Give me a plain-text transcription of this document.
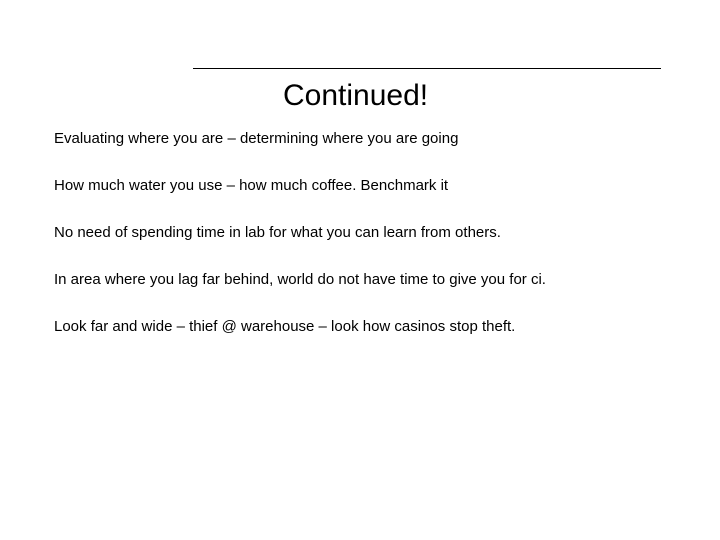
Continued!
Evaluating where you are – determining where you are going
How much water you use – how much coffee. Benchmark it
No need of spending time in lab for what you can learn from others.
In area where you lag far behind, world do not have time to give you for ci.
Look far and wide – thief @ warehouse – look how casinos stop theft.
